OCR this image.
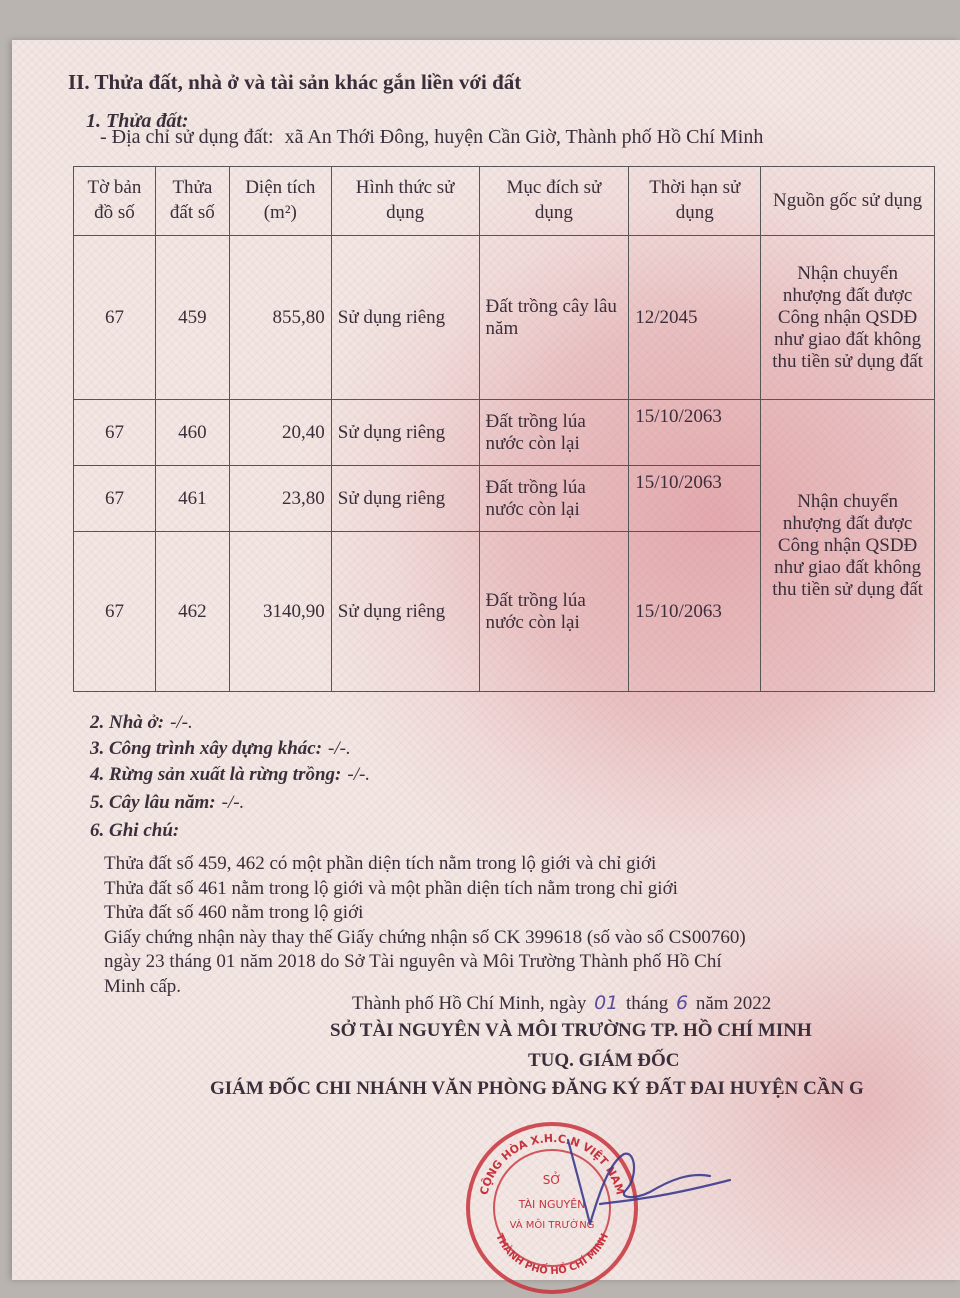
II. Thửa đất, nhà ở và tài sản khác gắn liền với đất
1. Thửa đất:
- Địa chỉ sử dụng đất: xã An Thới Đông, huyện Cần Giờ, Thành phố Hồ Chí Minh
Tờ bản đồ số	Thửa đất số	Diện tích (m²)	Hình thức sử dụng	Mục đích sử dụng	Thời hạn sử dụng	Nguồn gốc sử dụng
67	459	855,80	Sử dụng riêng	Đất trồng cây lâu năm	12/2045	Nhận chuyển nhượng đất được Công nhận QSDĐ như giao đất không thu tiền sử dụng đất
67	460	20,40	Sử dụng riêng	Đất trồng lúa nước còn lại	15/10/2063	Nhận chuyển nhượng đất được Công nhận QSDĐ như giao đất không thu tiền sử dụng đất
67	461	23,80	Sử dụng riêng	Đất trồng lúa nước còn lại	15/10/2063	
67	462	3140,90	Sử dụng riêng	Đất trồng lúa nước còn lại	15/10/2063	
2. Nhà ở: -/-.
3. Công trình xây dựng khác: -/-.
4. Rừng sản xuất là rừng trồng: -/-.
5. Cây lâu năm: -/-.
6. Ghi chú:
Thửa đất số 459, 462 có một phần diện tích nằm trong lộ giới và chỉ giới
Thửa đất số 461 nằm trong lộ giới và một phần diện tích nằm trong chỉ giới
Thửa đất số 460 nằm trong lộ giới
Giấy chứng nhận này thay thế Giấy chứng nhận số CK 399618 (số vào sổ CS00760)
ngày 23 tháng 01 năm 2018 do Sở Tài nguyên và Môi Trường Thành phố Hồ Chí
Minh cấp.
Thành phố Hồ Chí Minh, ngày 01 tháng 6 năm 2022
SỞ TÀI NGUYÊN VÀ MÔI TRƯỜNG TP. HỒ CHÍ MINH
TUQ. GIÁM ĐỐC
GIÁM ĐỐC CHI NHÁNH VĂN PHÒNG ĐĂNG KÝ ĐẤT ĐAI HUYỆN CẦN G
CỘNG HÒA X.H.C.N VIỆT NAM
THÀNH PHỐ HỒ CHÍ MINH
SỞ
TÀI NGUYÊN
VÀ MÔI TRƯỜNG
